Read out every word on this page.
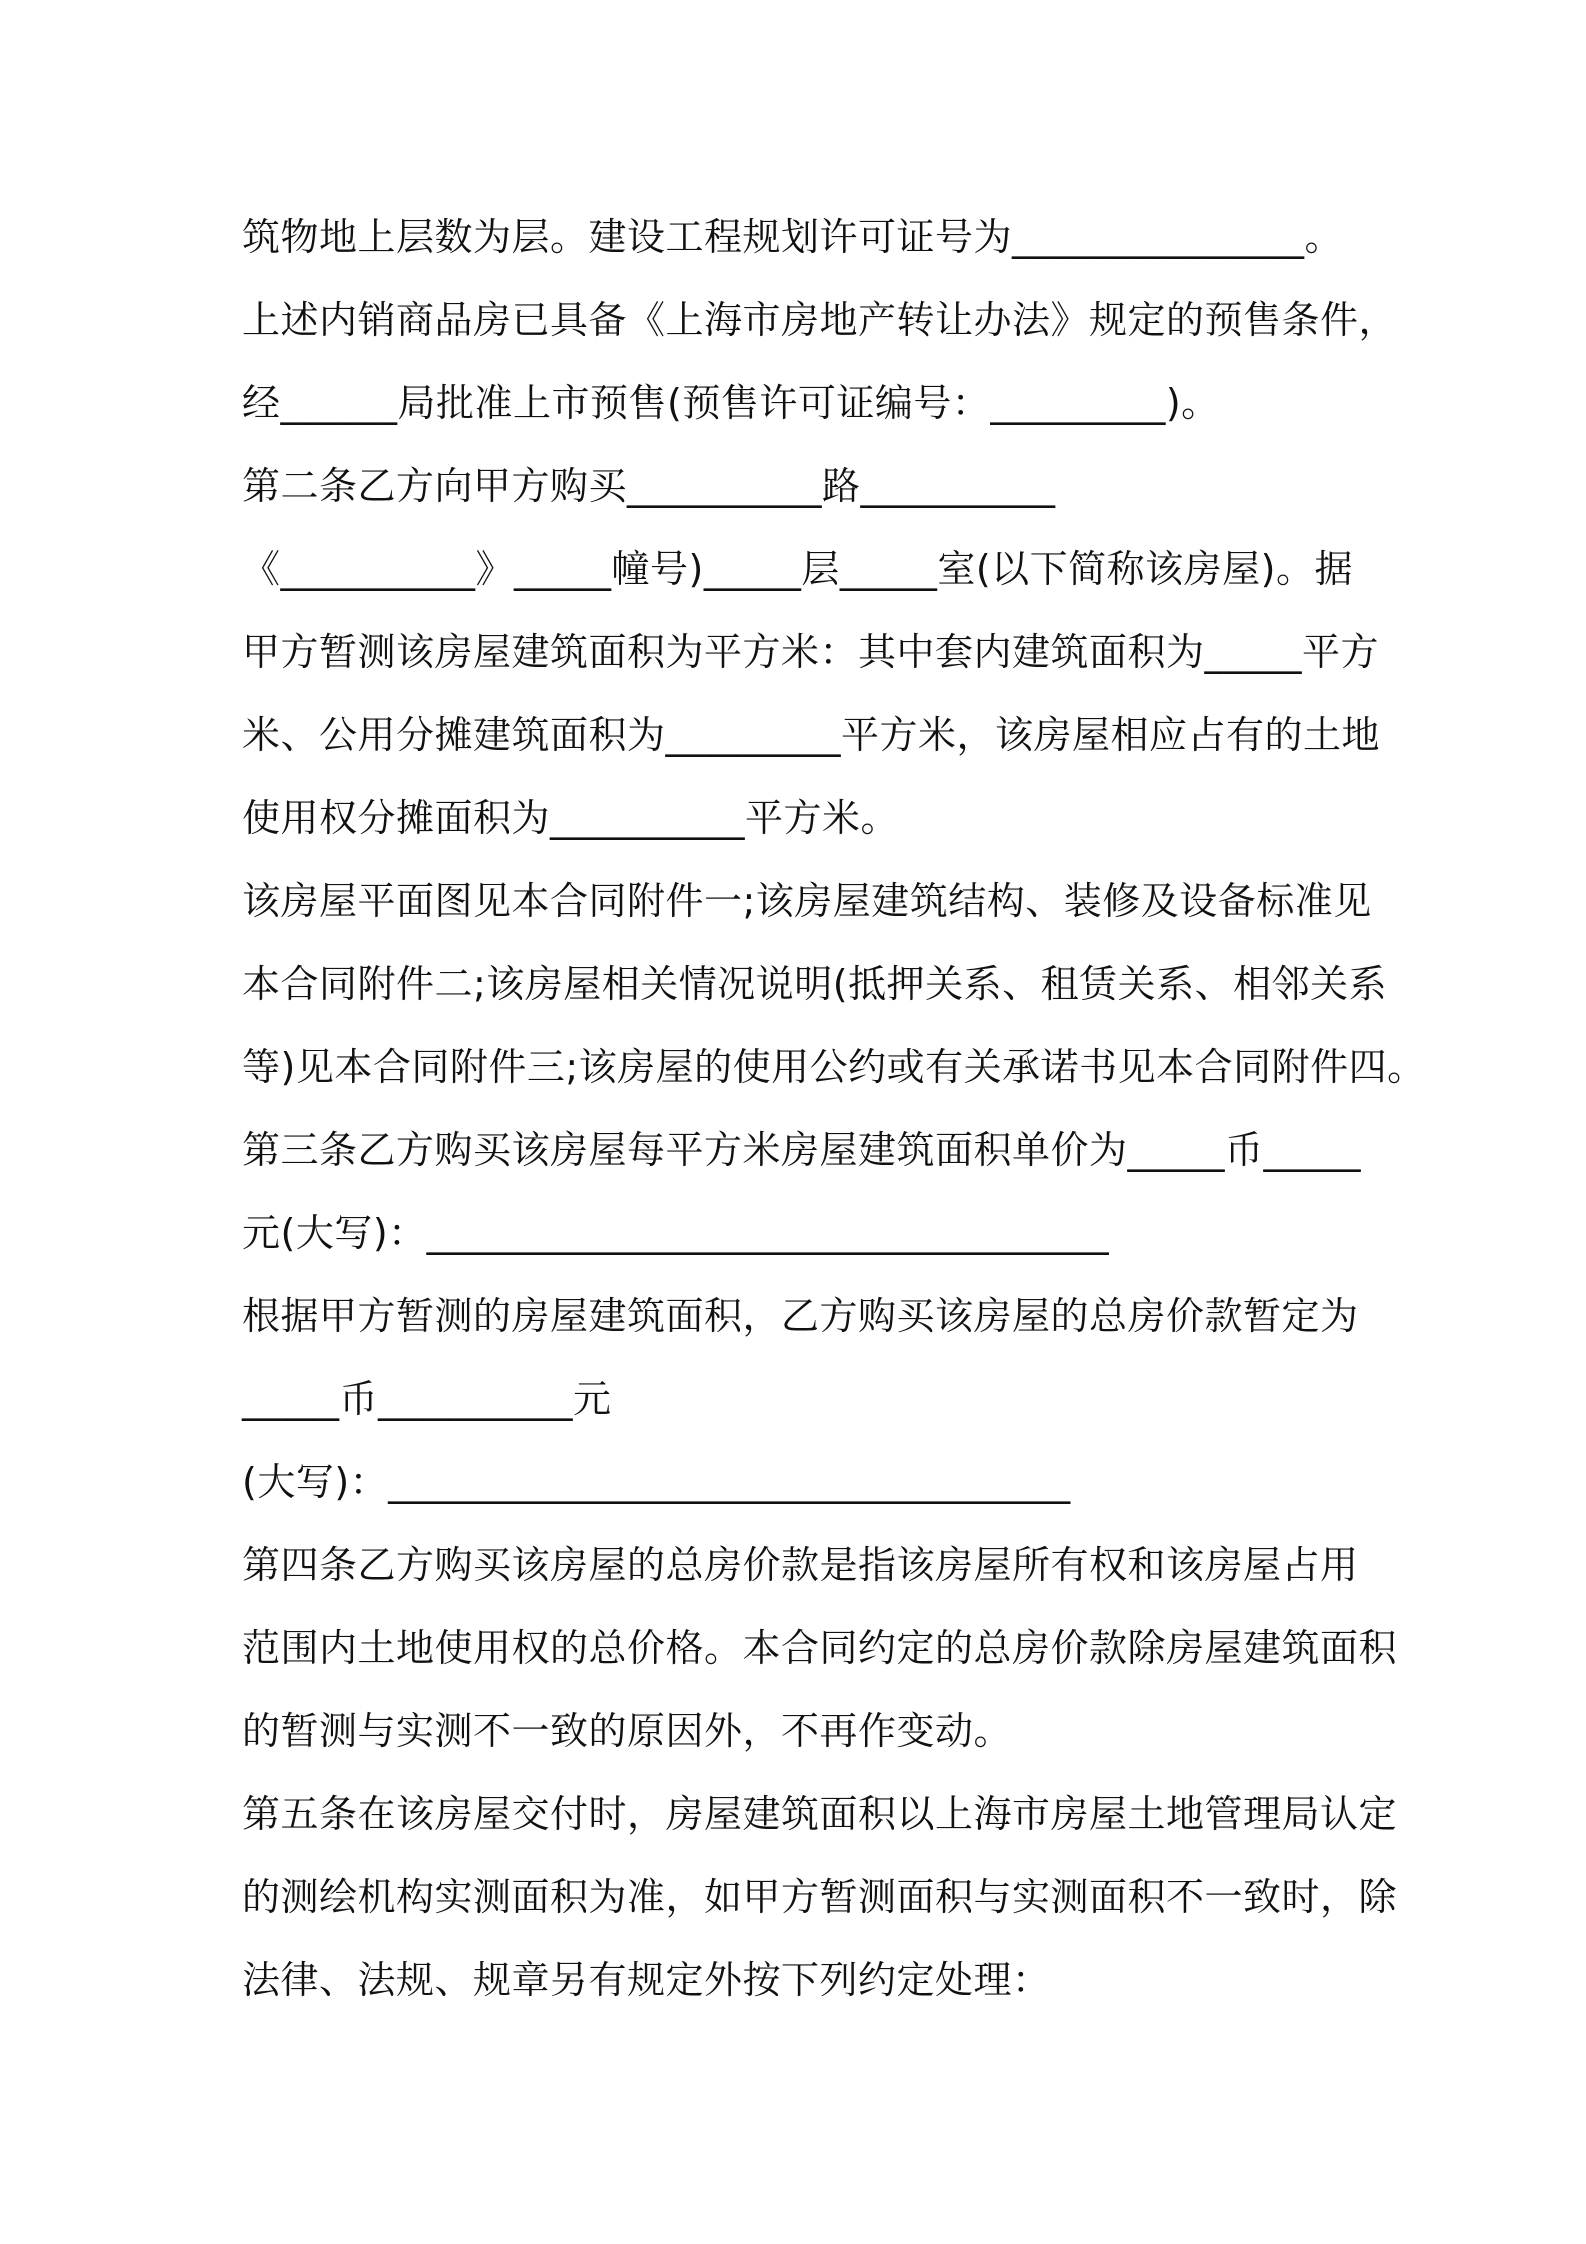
筑物地上层数为层。建设工程规划许可证号为_______________。
上述内销商品房已具备《上海市房地产转让办法》规定的预售条件，
经______局批准上市预售(预售许可证编号：_________)。
第二条乙方向甲方购买__________路__________
《__________》_____幢号)_____层_____室(以下简称该房屋)。据
甲方暂测该房屋建筑面积为平方米：其中套内建筑面积为_____平方
米、公用分摊建筑面积为_________平方米，该房屋相应占有的土地
使用权分摊面积为__________平方米。
该房屋平面图见本合同附件一;该房屋建筑结构、装修及设备标准见
本合同附件二;该房屋相关情况说明(抵押关系、租赁关系、相邻关系
等)见本合同附件三;该房屋的使用公约或有关承诺书见本合同附件四。
第三条乙方购买该房屋每平方米房屋建筑面积单价为_____币_____
元(大写)：___________________________________
根据甲方暂测的房屋建筑面积，乙方购买该房屋的总房价款暂定为
_____币__________元
(大写)：___________________________________
第四条乙方购买该房屋的总房价款是指该房屋所有权和该房屋占用
范围内土地使用权的总价格。本合同约定的总房价款除房屋建筑面积
的暂测与实测不一致的原因外，不再作变动。
第五条在该房屋交付时，房屋建筑面积以上海市房屋土地管理局认定
的测绘机构实测面积为准，如甲方暂测面积与实测面积不一致时，除
法律、法规、规章另有规定外按下列约定处理：
